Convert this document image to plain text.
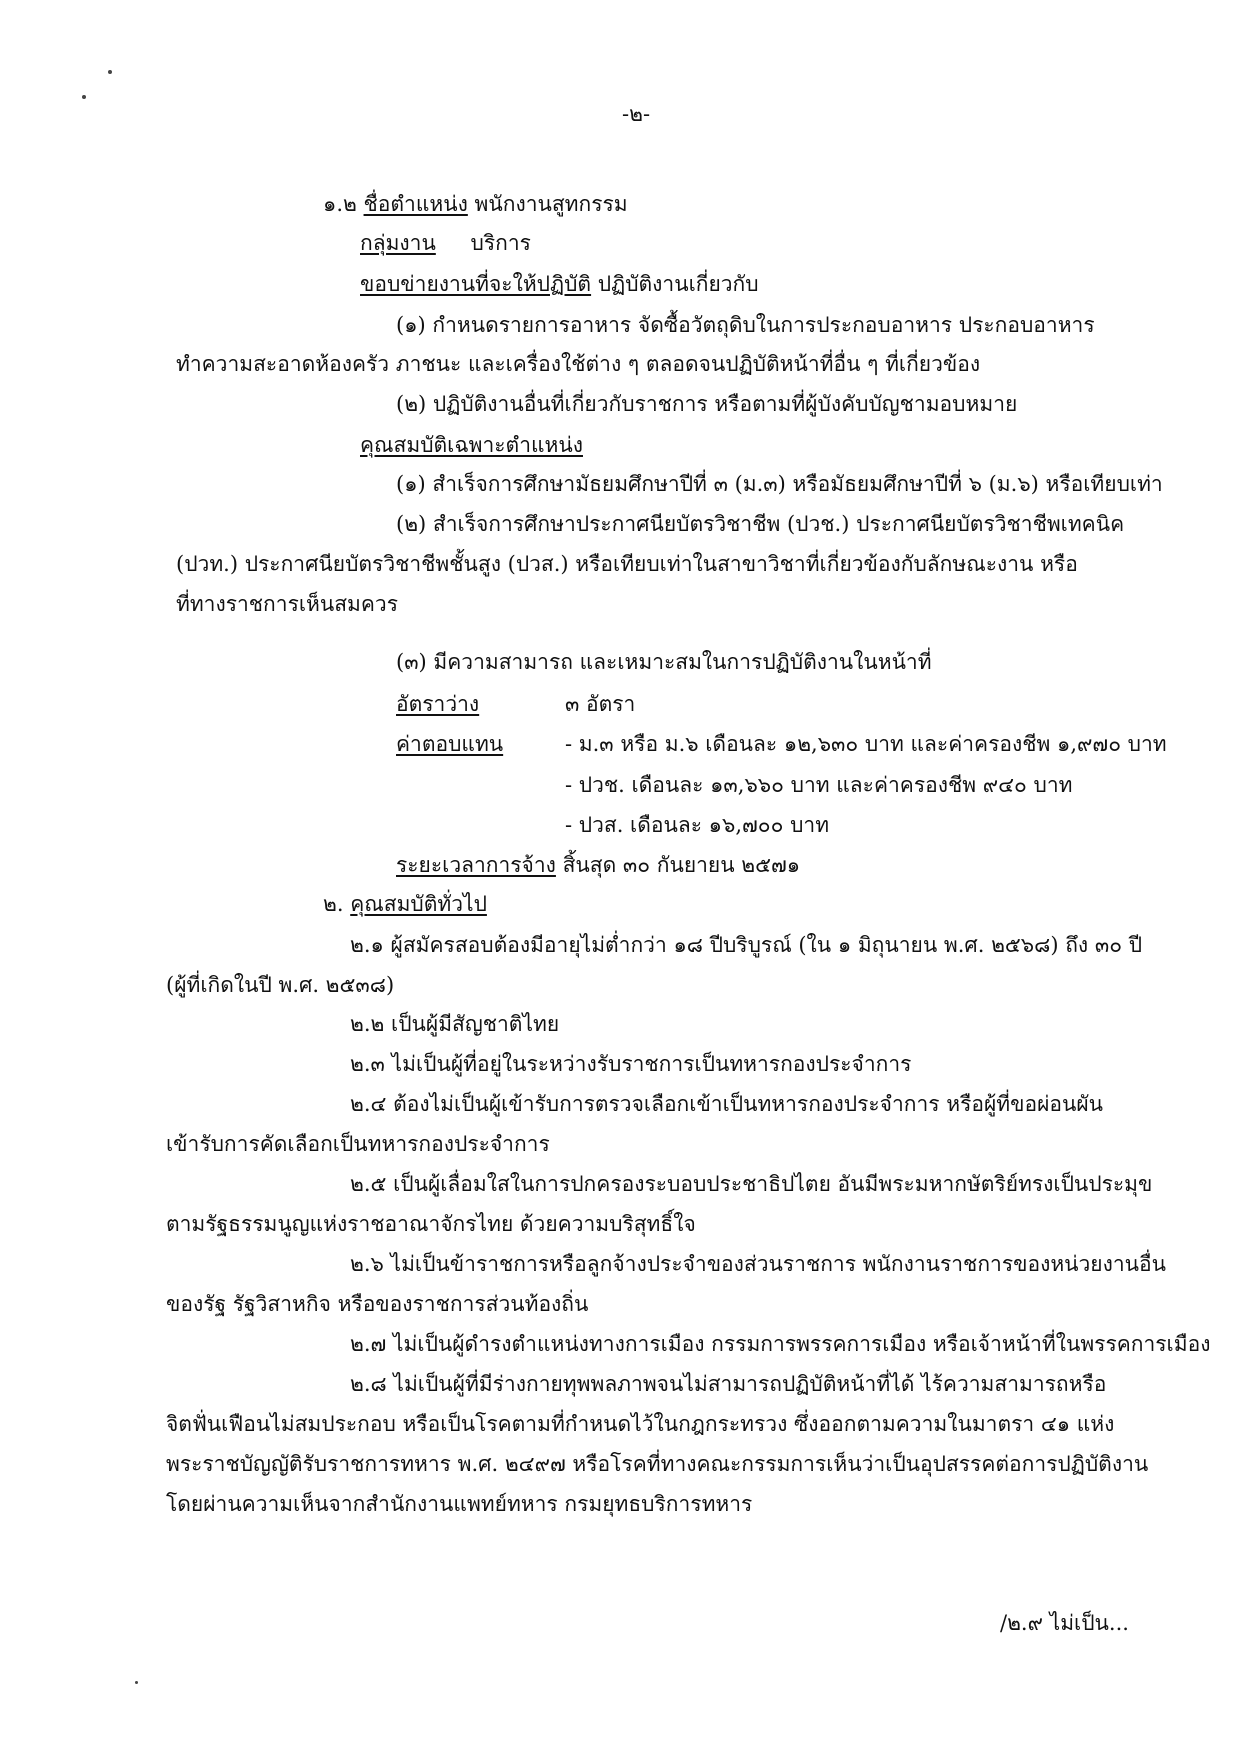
-๒-
๑.๒ ชื่อตำแหน่ง พนักงานสูทกรรม
กลุ่มงาน บริการ
ขอบข่ายงานที่จะให้ปฏิบัติ ปฏิบัติงานเกี่ยวกับ
(๑) กำหนดรายการอาหาร จัดซื้อวัตถุดิบในการประกอบอาหาร ประกอบอาหาร
ทำความสะอาดห้องครัว ภาชนะ และเครื่องใช้ต่าง ๆ ตลอดจนปฏิบัติหน้าที่อื่น ๆ ที่เกี่ยวข้อง
(๒) ปฏิบัติงานอื่นที่เกี่ยวกับราชการ หรือตามที่ผู้บังคับบัญชามอบหมาย
คุณสมบัติเฉพาะตำแหน่ง
(๑) สำเร็จการศึกษามัธยมศึกษาปีที่ ๓ (ม.๓) หรือมัธยมศึกษาปีที่ ๖ (ม.๖) หรือเทียบเท่า
(๒) สำเร็จการศึกษาประกาศนียบัตรวิชาชีพ (ปวช.) ประกาศนียบัตรวิชาชีพเทคนิค
(ปวท.) ประกาศนียบัตรวิชาชีพชั้นสูง (ปวส.) หรือเทียบเท่าในสาขาวิชาที่เกี่ยวข้องกับลักษณะงาน หรือ
ที่ทางราชการเห็นสมควร
(๓) มีความสามารถ และเหมาะสมในการปฏิบัติงานในหน้าที่
อัตราว่าง	๓ อัตรา
ค่าตอบแทน	- ม.๓ หรือ ม.๖ เดือนละ ๑๒,๖๓๐ บาท และค่าครองชีพ ๑,๙๗๐ บาท
- ปวช. เดือนละ ๑๓,๖๖๐ บาท และค่าครองชีพ ๙๔๐ บาท
- ปวส. เดือนละ ๑๖,๗๐๐ บาท
ระยะเวลาการจ้าง สิ้นสุด ๓๐ กันยายน ๒๕๗๑
๒. คุณสมบัติทั่วไป
๒.๑ ผู้สมัครสอบต้องมีอายุไม่ต่ำกว่า ๑๘ ปีบริบูรณ์ (ใน ๑ มิถุนายน พ.ศ. ๒๕๖๘) ถึง ๓๐ ปี
(ผู้ที่เกิดในปี พ.ศ. ๒๕๓๘)
๒.๒ เป็นผู้มีสัญชาติไทย
๒.๓ ไม่เป็นผู้ที่อยู่ในระหว่างรับราชการเป็นทหารกองประจำการ
๒.๔ ต้องไม่เป็นผู้เข้ารับการตรวจเลือกเข้าเป็นทหารกองประจำการ หรือผู้ที่ขอผ่อนผัน
เข้ารับการคัดเลือกเป็นทหารกองประจำการ
๒.๕ เป็นผู้เลื่อมใสในการปกครองระบอบประชาธิปไตย อันมีพระมหากษัตริย์ทรงเป็นประมุข
ตามรัฐธรรมนูญแห่งราชอาณาจักรไทย ด้วยความบริสุทธิ์ใจ
๒.๖ ไม่เป็นข้าราชการหรือลูกจ้างประจำของส่วนราชการ พนักงานราชการของหน่วยงานอื่น
ของรัฐ รัฐวิสาหกิจ หรือของราชการส่วนท้องถิ่น
๒.๗ ไม่เป็นผู้ดำรงตำแหน่งทางการเมือง กรรมการพรรคการเมือง หรือเจ้าหน้าที่ในพรรคการเมือง
๒.๘ ไม่เป็นผู้ที่มีร่างกายทุพพลภาพจนไม่สามารถปฏิบัติหน้าที่ได้ ไร้ความสามารถหรือ
จิตฟั่นเฟือนไม่สมประกอบ หรือเป็นโรคตามที่กำหนดไว้ในกฎกระทรวง ซึ่งออกตามความในมาตรา ๔๑ แห่ง
พระราชบัญญัติรับราชการทหาร พ.ศ. ๒๔๙๗ หรือโรคที่ทางคณะกรรมการเห็นว่าเป็นอุปสรรคต่อการปฏิบัติงาน
โดยผ่านความเห็นจากสำนักงานแพทย์ทหาร กรมยุทธบริการทหาร
/๒.๙ ไม่เป็น...
